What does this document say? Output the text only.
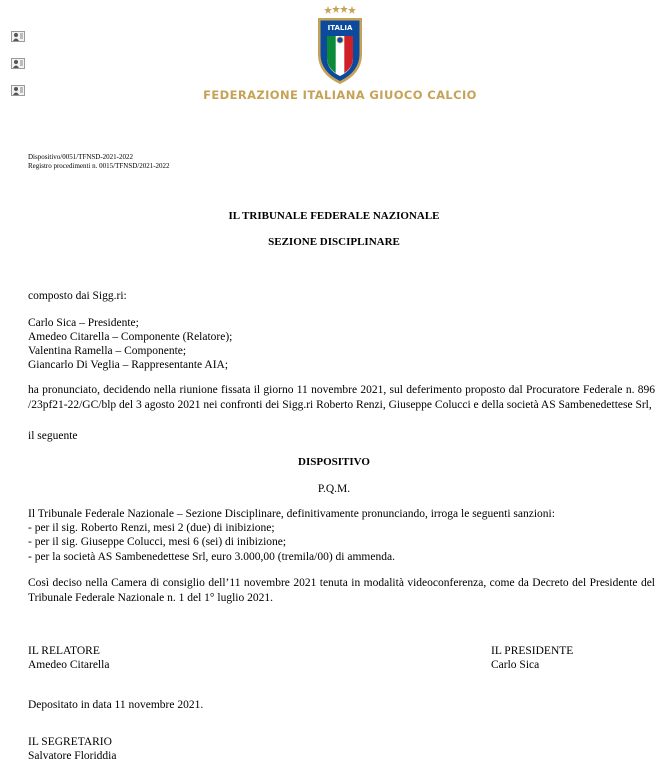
ITALIA
FEDERAZIONE ITALIANA GIUOCO CALCIO
Dispositivo/0051/TFNSD-2021-2022
Registro procedimenti n. 0015/TFNSD/2021-2022
IL TRIBUNALE FEDERALE NAZIONALE
SEZIONE DISCIPLINARE
composto dai Sigg.ri:
Carlo Sica – Presidente;
Amedeo Citarella – Componente (Relatore);
Valentina Ramella – Componente;
Giancarlo Di Veglia – Rappresentante AIA;
ha pronunciato, decidendo nella riunione fissata il giorno 11 novembre 2021, sul deferimento proposto dal Procuratore Federale n. 896 /23pf21-22/GC/blp del 3 agosto 2021 nei confronti dei Sigg.ri Roberto Renzi, Giuseppe Colucci e della società AS Sambenedettese Srl,
il seguente
DISPOSITIVO
P.Q.M.
Il Tribunale Federale Nazionale – Sezione Disciplinare, definitivamente pronunciando, irroga le seguenti sanzioni:
- per il sig. Roberto Renzi, mesi 2 (due) di inibizione;
- per il sig. Giuseppe Colucci, mesi 6 (sei) di inibizione;
- per la società AS Sambenedettese Srl, euro 3.000,00 (tremila/00) di ammenda.
Così deciso nella Camera di consiglio dell’11 novembre 2021 tenuta in modalità videoconferenza, come da Decreto del Presidente del Tribunale Federale Nazionale n. 1 del 1° luglio 2021.
IL RELATORE
Amedeo Citarella
IL PRESIDENTE
Carlo Sica
Depositato in data 11 novembre 2021.
IL SEGRETARIO
Salvatore Floriddia
